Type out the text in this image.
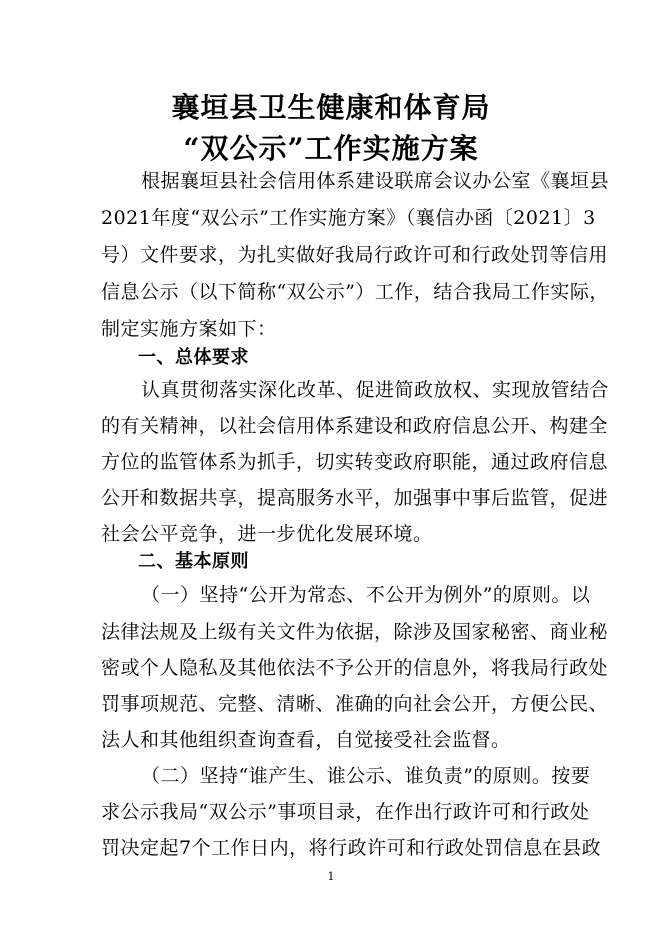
襄垣县卫生健康和体育局
“双公示”工作实施方案
根据襄垣县社会信用体系建设联席会议办公室《襄垣县
2021年度“双公示”工作实施方案》（襄信办函〔2021〕3
号）文件要求，为扎实做好我局行政许可和行政处罚等信用
信息公示（以下简称“双公示”）工作，结合我局工作实际，
制定实施方案如下：
一、总体要求
认真贯彻落实深化改革、促进简政放权、实现放管结合
的有关精神，以社会信用体系建设和政府信息公开、构建全
方位的监管体系为抓手，切实转变政府职能，通过政府信息
公开和数据共享，提高服务水平，加强事中事后监管，促进
社会公平竞争，进一步优化发展环境。
二、基本原则
（一）坚持“公开为常态、不公开为例外”的原则。以
法律法规及上级有关文件为依据，除涉及国家秘密、商业秘
密或个人隐私及其他依法不予公开的信息外，将我局行政处
罚事项规范、完整、清晰、准确的向社会公开，方便公民、
法人和其他组织查询查看，自觉接受社会监督。
（二）坚持“谁产生、谁公示、谁负责”的原则。按要
求公示我局“双公示”事项目录，在作出行政许可和行政处
罚决定起7个工作日内，将行政许可和行政处罚信息在县政
1
